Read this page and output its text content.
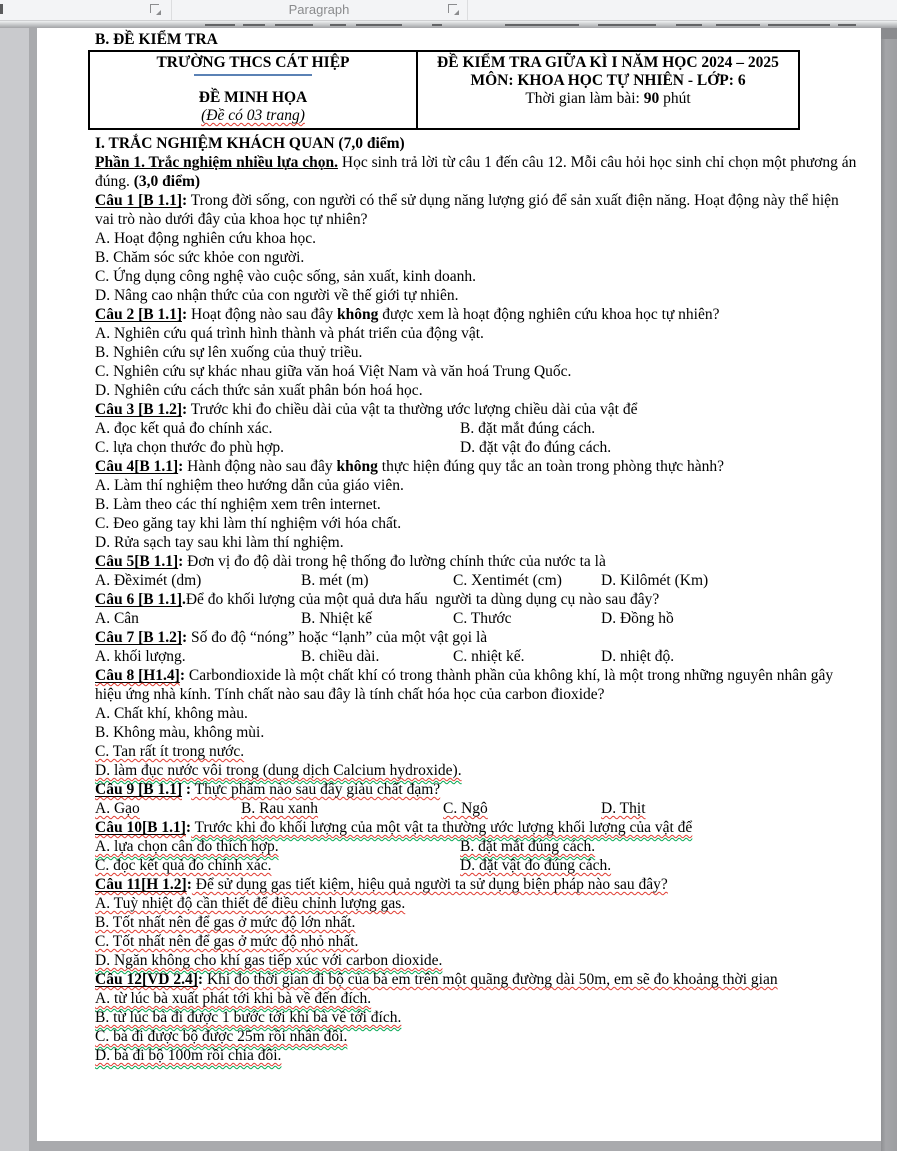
Paragraph

B. ĐỀ KIỂM TRA

TRƯỜNG THCS CÁT HIỆP
ĐỀ MINH HỌA
(Đề có 03 trang)

ĐỀ KIỂM TRA GIỮA KÌ I NĂM HỌC 2024 – 2025
MÔN: KHOA HỌC TỰ NHIÊN - LỚP: 6
Thời gian làm bài: 90 phút

I. TRẮC NGHIỆM KHÁCH QUAN (7,0 điểm)

Phần 1. Trắc nghiệm nhiều lựa chọn. Học sinh trả lời từ câu 1 đến câu 12. Mỗi câu hỏi học sinh chỉ chọn một phương án đúng. (3,0 điểm)

Câu 1 [B 1.1]: Trong đời sống, con người có thể sử dụng năng lượng gió để sản xuất điện năng. Hoạt động này thể hiện vai trò nào dưới đây của khoa học tự nhiên?

A. Hoạt động nghiên cứu khoa học.

B. Chăm sóc sức khỏe con người.

C. Ứng dụng công nghệ vào cuộc sống, sản xuất, kinh doanh.

D. Nâng cao nhận thức của con người về thế giới tự nhiên.

Câu 2 [B 1.1]: Hoạt động nào sau đây không được xem là hoạt động nghiên cứu khoa học tự nhiên?

A. Nghiên cứu quá trình hình thành và phát triển của động vật.

B. Nghiên cứu sự lên xuống của thuỷ triều.

C. Nghiên cứu sự khác nhau giữa văn hoá Việt Nam và văn hoá Trung Quốc.

D. Nghiên cứu cách thức sản xuất phân bón hoá học.

Câu 3 [B 1.2]: Trước khi đo chiều dài của vật ta thường ước lượng chiều dài của vật để

A. đọc kết quả đo chính xác.	B. đặt mắt đúng cách.
C. lựa chọn thước đo phù hợp.	D. đặt vật đo đúng cách.

Câu 4[B 1.1]: Hành động nào sau đây không thực hiện đúng quy tắc an toàn trong phòng thực hành?

A. Làm thí nghiệm theo hướng dẫn của giáo viên.

B. Làm theo các thí nghiệm xem trên internet.

C. Đeo găng tay khi làm thí nghiệm với hóa chất.

D. Rửa sạch tay sau khi làm thí nghiệm.

Câu 5[B 1.1]: Đơn vị đo độ dài trong hệ thống đo lường chính thức của nước ta là

A. Đềximét (dm)	B. mét (m)	C. Xentimét (cm)	D. Kilômét (Km)

Câu 6 [B 1.1].Để đo khối lượng của một quả dưa hấu  người ta dùng dụng cụ nào sau đây?

A. Cân	B. Nhiệt kế	C. Thước	D. Đồng hồ

Câu 7 [B 1.2]: Số đo độ “nóng” hoặc “lạnh” của một vật gọi là

A. khối lượng.	B. chiều dài.	C. nhiệt kế.	D. nhiệt độ.

Câu 8 [H1.4]: Carbondioxide là một chất khí có trong thành phần của không khí, là một trong những nguyên nhân gây hiệu ứng nhà kính. Tính chất nào sau đây là tính chất hóa học của carbon đioxide?

A. Chất khí, không màu.

B. Không màu, không mùi.

C. Tan rất ít trong nước.

D. làm đục nước vôi trong (dung dịch Calcium hydroxide).

Câu 9 [B 1.1] : Thực phẩm nào sau đây giàu chất đạm?

A. Gạo	B. Rau xanh	C. Ngô	D. Thịt

Câu 10[B 1.1]: Trước khi đo khối lượng của một vật ta thường ước lượng khối lượng của vật để

A. lựa chọn cân đo thích hợp.	B. đặt mắt đúng cách.
C. đọc kết quả đo chính xác.	D. đặt vật đo đúng cách.

Câu 11[H 1.2]: Để sử dụng gas tiết kiệm, hiệu quả người ta sử dụng biện pháp nào sau đây?

A. Tuỳ nhiệt độ cần thiết để điều chỉnh lượng gas.

B. Tốt nhất nên để gas ở mức độ lớn nhất.

C. Tốt nhất nên để gas ở mức độ nhỏ nhất.

D. Ngăn không cho khí gas tiếp xúc với carbon dioxide.

Câu 12[VD 2.4]: Khi đo thời gian đi bộ của bà em trên một quãng đường dài 50m, em sẽ đo khoảng thời gian

A. từ lúc bà xuất phát tới khi bà về đến đích.

B. từ lúc bà đi được 1 bước tới khi bà về tới đích.

C. bà đi được bộ được 25m rồi nhân đôi.

D. bà đi bộ 100m rồi chia đôi.
